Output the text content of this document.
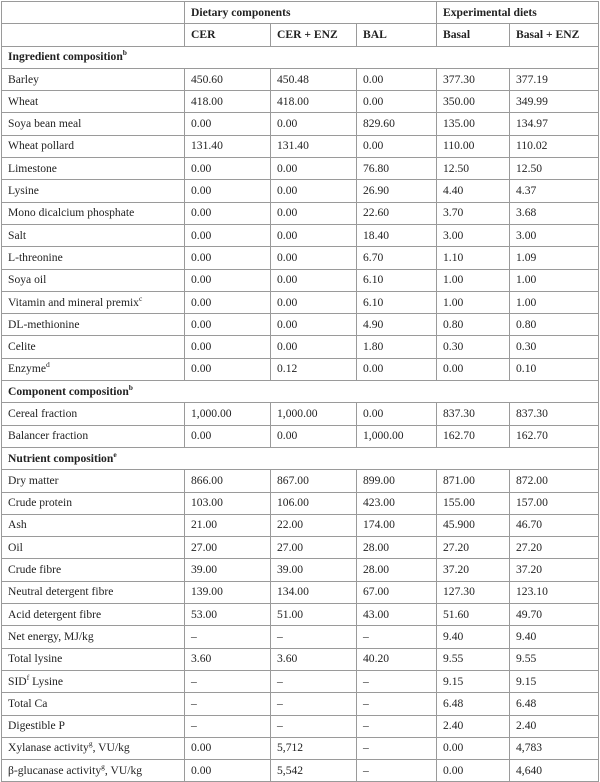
	Dietary components			Experimental diets	
	CER	CER + ENZ	BAL	Basal	Basal + ENZ
Ingredient composition$^b$
Barley	450.60	450.48	0.00	377.30	377.19
Wheat	418.00	418.00	0.00	350.00	349.99
Soya bean meal	0.00	0.00	829.60	135.00	134.97
Wheat pollard	131.40	131.40	0.00	110.00	110.02
Limestone	0.00	0.00	76.80	12.50	12.50
Lysine	0.00	0.00	26.90	4.40	4.37
Mono dicalcium phosphate	0.00	0.00	22.60	3.70	3.68
Salt	0.00	0.00	18.40	3.00	3.00
L-threonine	0.00	0.00	6.70	1.10	1.09
Soya oil	0.00	0.00	6.10	1.00	1.00
Vitamin and mineral premix$^c$	0.00	0.00	6.10	1.00	1.00
DL-methionine	0.00	0.00	4.90	0.80	0.80
Celite	0.00	0.00	1.80	0.30	0.30
Enzyme$^d$	0.00	0.12	0.00	0.00	0.10
Component composition$^b$
Cereal fraction	1,000.00	1,000.00	0.00	837.30	837.30
Balancer fraction	0.00	0.00	1,000.00	162.70	162.70
Nutrient composition$^e$
Dry matter	866.00	867.00	899.00	871.00	872.00
Crude protein	103.00	106.00	423.00	155.00	157.00
Ash	21.00	22.00	174.00	45.900	46.70
Oil	27.00	27.00	28.00	27.20	27.20
Crude fibre	39.00	39.00	28.00	37.20	37.20
Neutral detergent fibre	139.00	134.00	67.00	127.30	123.10
Acid detergent fibre	53.00	51.00	43.00	51.60	49.70
Net energy, MJ/kg	–	–	–	9.40	9.40
Total lysine	3.60	3.60	40.20	9.55	9.55
SID$^f$ Lysine	–	–	–	9.15	9.15
Total Ca	–	–	–	6.48	6.48
Digestible P	–	–	–	2.40	2.40
Xylanase activity$^g$, VU/kg	0.00	5,712	–	0.00	4,783
β-glucanase activity$^g$, VU/kg	0.00	5,542	–	0.00	4,640
